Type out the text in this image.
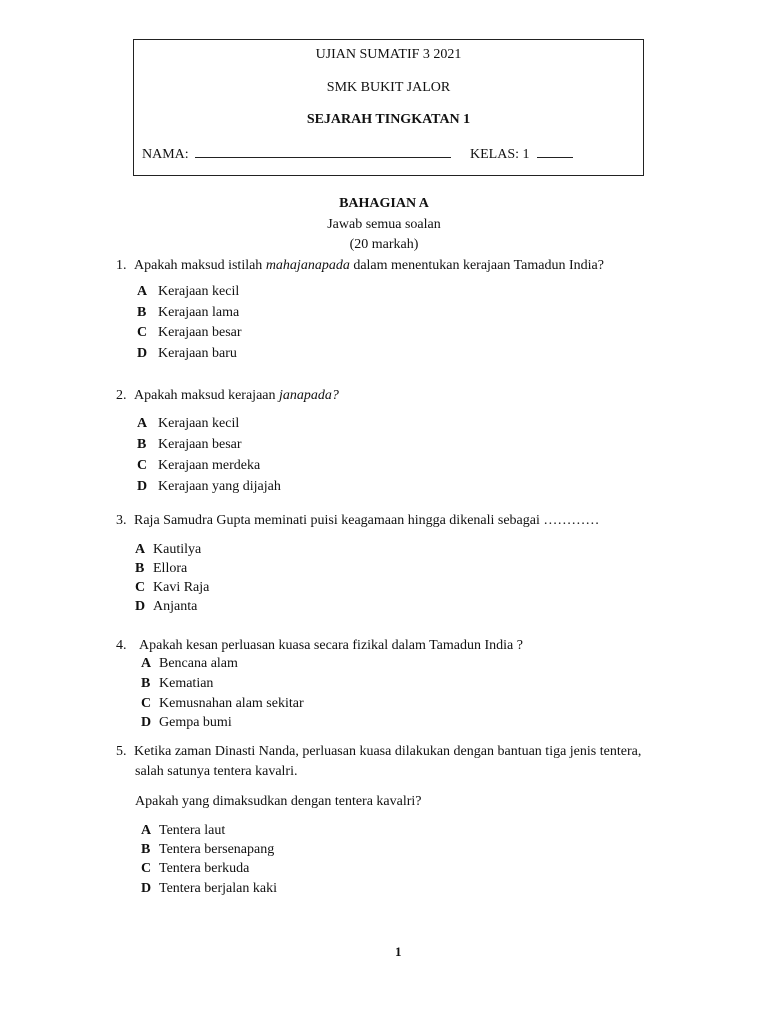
UJIAN SUMATIF 3 2021
SMK BUKIT JALOR
SEJARAH TINGKATAN 1
NAMA:	KELAS: 1
BAHAGIAN A
Jawab semua soalan
(20 markah)
1. Apakah maksud istilah mahajanapada dalam menentukan kerajaan Tamadun India?
A Kerajaan kecil
B Kerajaan lama
C Kerajaan besar
D Kerajaan baru
2. Apakah maksud kerajaan janapada?
A Kerajaan kecil
B Kerajaan besar
C Kerajaan merdeka
D Kerajaan yang dijajah
3. Raja Samudra Gupta meminati puisi keagamaan hingga dikenali sebagai …………
A Kautilya
B Ellora
C Kavi Raja
D Anjanta
4. Apakah kesan perluasan kuasa secara fizikal dalam Tamadun India ?
A Bencana alam
B Kematian
C Kemusnahan alam sekitar
D Gempa bumi
5. Ketika zaman Dinasti Nanda, perluasan kuasa dilakukan dengan bantuan tiga jenis tentera,
salah satunya tentera kavalri.
Apakah yang dimaksudkan dengan tentera kavalri?
A Tentera laut
B Tentera bersenapang
C Tentera berkuda
D Tentera berjalan kaki
1
